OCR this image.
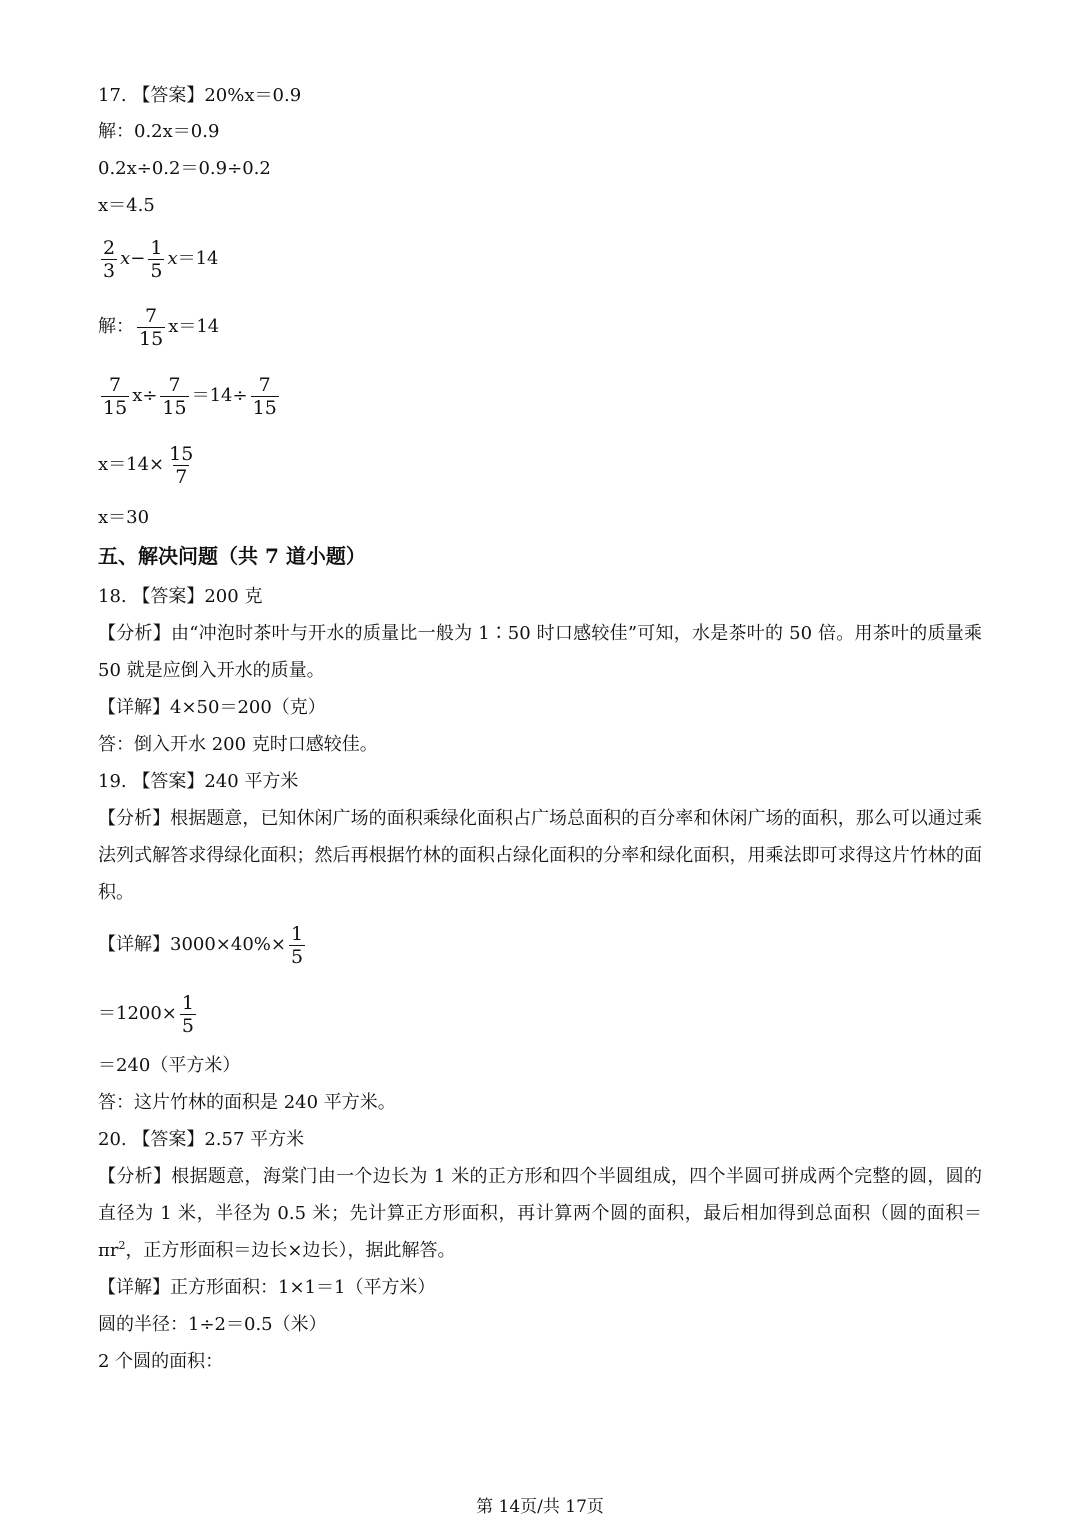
17. 【答案】20%x＝0.9
解：0.2x＝0.9
0.2x÷0.2＝0.9÷0.2
x＝4.5
$\frac{2}{3} x- \frac{1}{5} x=14$
解： $\frac{7}{15} x=14$
$\frac{7}{15} x\div \frac{7}{15} =14\div \frac{7}{15}$
$x=14\times \frac{15}{7}$
x＝30
五、解决问题（共 7 道小题）
18. 【答案】200 克
【分析】由“冲泡时茶叶与开水的质量比一般为 1∶50 时口感较佳”可知，水是茶叶的 50 倍。用茶叶的质量乘 50 就是应倒入开水的质量。
【详解】4×50＝200（克）
答：倒入开水 200 克时口感较佳。
19. 【答案】240 平方米
【分析】根据题意，已知休闲广场的面积乘绿化面积占广场总面积的百分率和休闲广场的面积，那么可以通过乘法列式解答求得绿化面积；然后再根据竹林的面积占绿化面积的分率和绿化面积，用乘法即可求得这片竹林的面积。
【详解】$3000\times 40\%\times \frac{1}{5}$
$=1200\times \frac{1}{5}$
＝240（平方米）
答：这片竹林的面积是 240 平方米。
20. 【答案】2.57 平方米
【分析】根据题意，海棠门由一个边长为 1 米的正方形和四个半圆组成，四个半圆可拼成两个完整的圆，圆的直径为 1 米，半径为 0.5 米；先计算正方形面积，再计算两个圆的面积，最后相加得到总面积（圆的面积$=\pi r^2$，正方形面积＝边长×边长），据此解答。
【详解】正方形面积：1×1＝1（平方米）
圆的半径：1÷2＝0.5（米）
2 个圆的面积：
第 14页/共 17页
